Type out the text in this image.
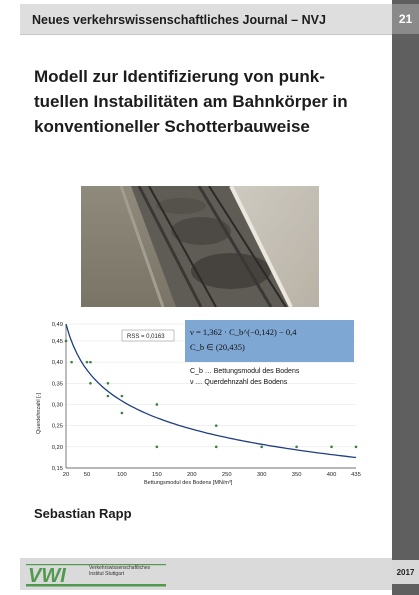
Neues verkehrswissenschaftliches Journal – NVJ	21
Modell zur Identifizierung von punk-
tuellen Instabilitäten am Bahnkörper in
konventioneller Schotterbauweise
0,15
0,20
0,25
0,30
0,35
0,40
0,45
0,49
20	50	100	150	200	250	300	350	400	435
Querdehnzahl [-]
Bettungsmodul des Bodens [MN/m³]
RSS = 0,0163	ν = 1,362 · C_b^(−0,142) − 0,4
C_b ∈ (20,435)
C_b … Bettungsmodul des Bodens
ν … Querdehnzahl des Bodens
Sebastian Rapp
VWI	Verkehrswissenschaftliches
Institut Stuttgart	2017
